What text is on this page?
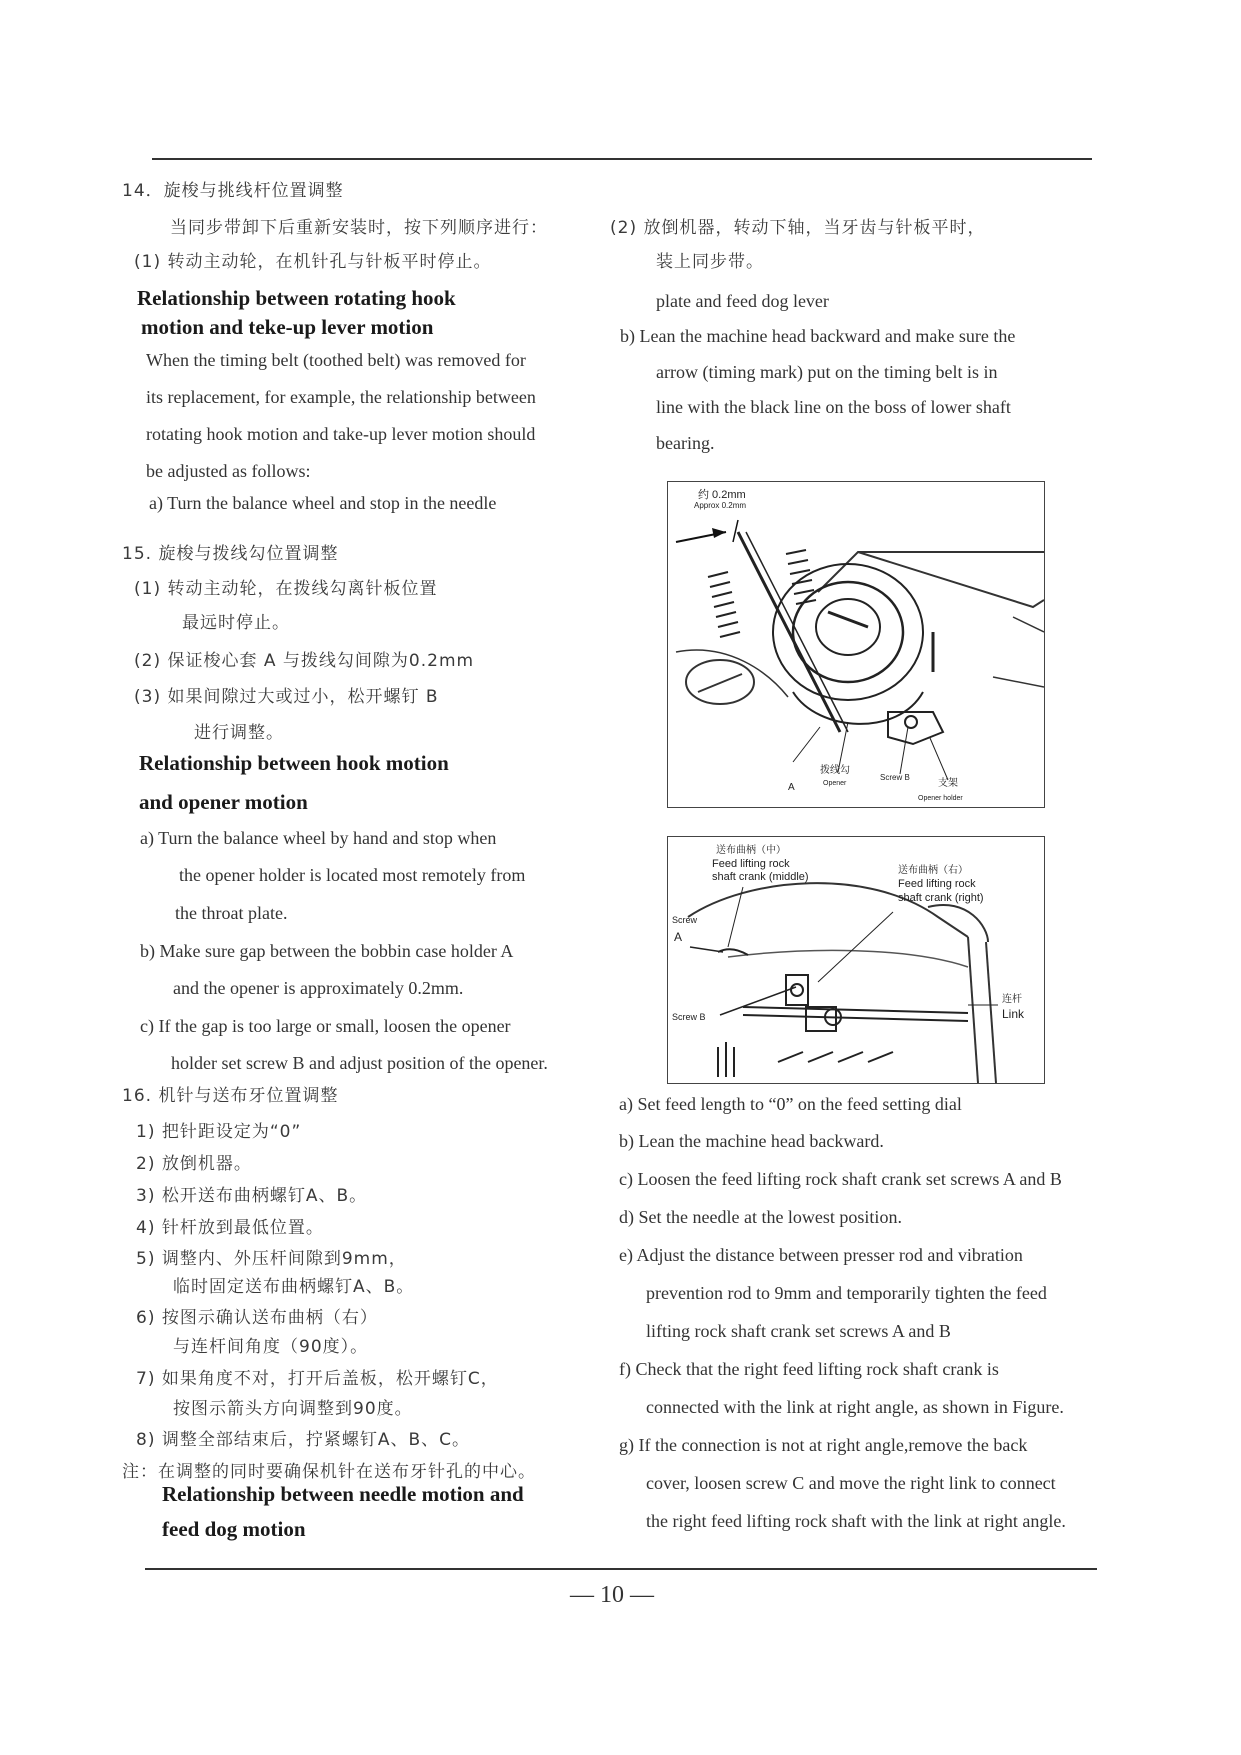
14．旋梭与挑线杆位置调整
当同步带卸下后重新安装时，按下列顺序进行：
(1) 转动主动轮，在机针孔与针板平时停止。
Relationship between rotating hook
motion and teke-up lever motion
When the timing belt (toothed belt) was removed for
its replacement, for example, the relationship between
rotating hook motion and take-up lever motion should
be adjusted as follows:
a) Turn the balance wheel and stop in the needle
15. 旋梭与拨线勾位置调整
(1) 转动主动轮，在拨线勾离针板位置
最远时停止。
(2) 保证梭心套 A 与拨线勾间隙为0.2mm
(3) 如果间隙过大或过小，松开螺钉 B
进行调整。
Relationship between hook motion
and opener motion
a) Turn the balance wheel by hand and stop when
the opener holder is located most remotely from
the throat plate.
b) Make sure gap between the bobbin case holder A
and the opener is approximately 0.2mm.
c) If the gap is too large or small, loosen the opener
holder set screw B and adjust position of the opener.
16. 机针与送布牙位置调整
1) 把针距设定为“0”
2) 放倒机器。
3) 松开送布曲柄螺钉A、B。
4) 针杆放到最低位置。
5) 调整内、外压杆间隙到9mm，
临时固定送布曲柄螺钉A、B。
6) 按图示确认送布曲柄（右）
与连杆间角度（90度）。
7) 如果角度不对，打开后盖板，松开螺钉C，
按图示箭头方向调整到90度。
8) 调整全部结束后，拧紧螺钉A、B、C。
注：在调整的同时要确保机针在送布牙针孔的中心。
Relationship between needle motion and
feed dog motion
(2) 放倒机器，转动下轴，当牙齿与针板平时，
装上同步带。
plate and feed dog lever
b) Lean the machine head backward and make sure the
arrow (timing mark) put on the timing belt is in
line with the black line on the boss of lower shaft
bearing.
约 0.2mm
Approx 0.2mm
拨线勾
Opener
A
Screw B
支架
Opener holder
送布曲柄（中）
Feed lifting rock
shaft crank (middle)
送布曲柄（右）
Feed lifting rock
shaft crank (right)
Screw
A
Screw B
连杆
Link
a) Set feed length to “0” on the feed setting dial
b) Lean the machine head backward.
c) Loosen the feed lifting rock shaft crank set screws A and B
d) Set the needle at the lowest position.
e) Adjust the distance between presser rod and vibration
prevention rod to 9mm and temporarily tighten the feed
lifting rock shaft crank set screws A and B
f) Check that the right feed lifting rock shaft crank is
connected with the link at right angle, as shown in Figure.
g) If the connection is not at right angle,remove the back
cover, loosen screw C and move the right link to connect
the right feed lifting rock shaft with the link at right angle.
— 10 —
